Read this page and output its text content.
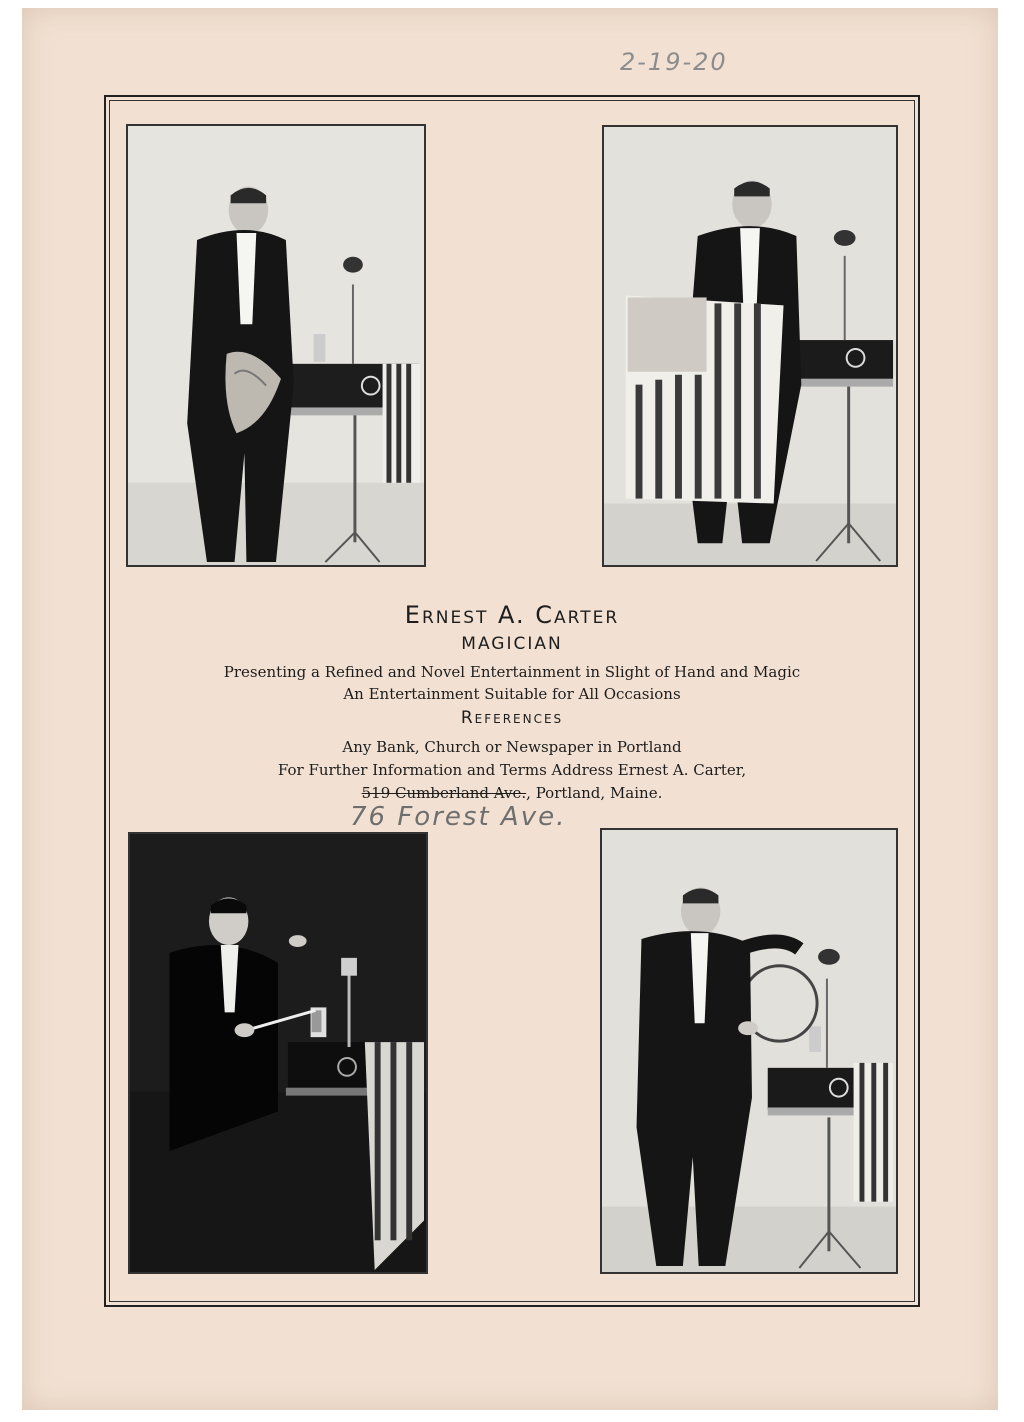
2-19-20
Ernest A. Carter
MAGICIAN
Presenting a Refined and Novel Entertainment in Slight of Hand and Magic
An Entertainment Suitable for All Occasions
References
Any Bank, Church or Newspaper in Portland
For Further Information and Terms Address Ernest A. Carter,
519 Cumberland Ave., Portland, Maine.
76 Forest Ave.
